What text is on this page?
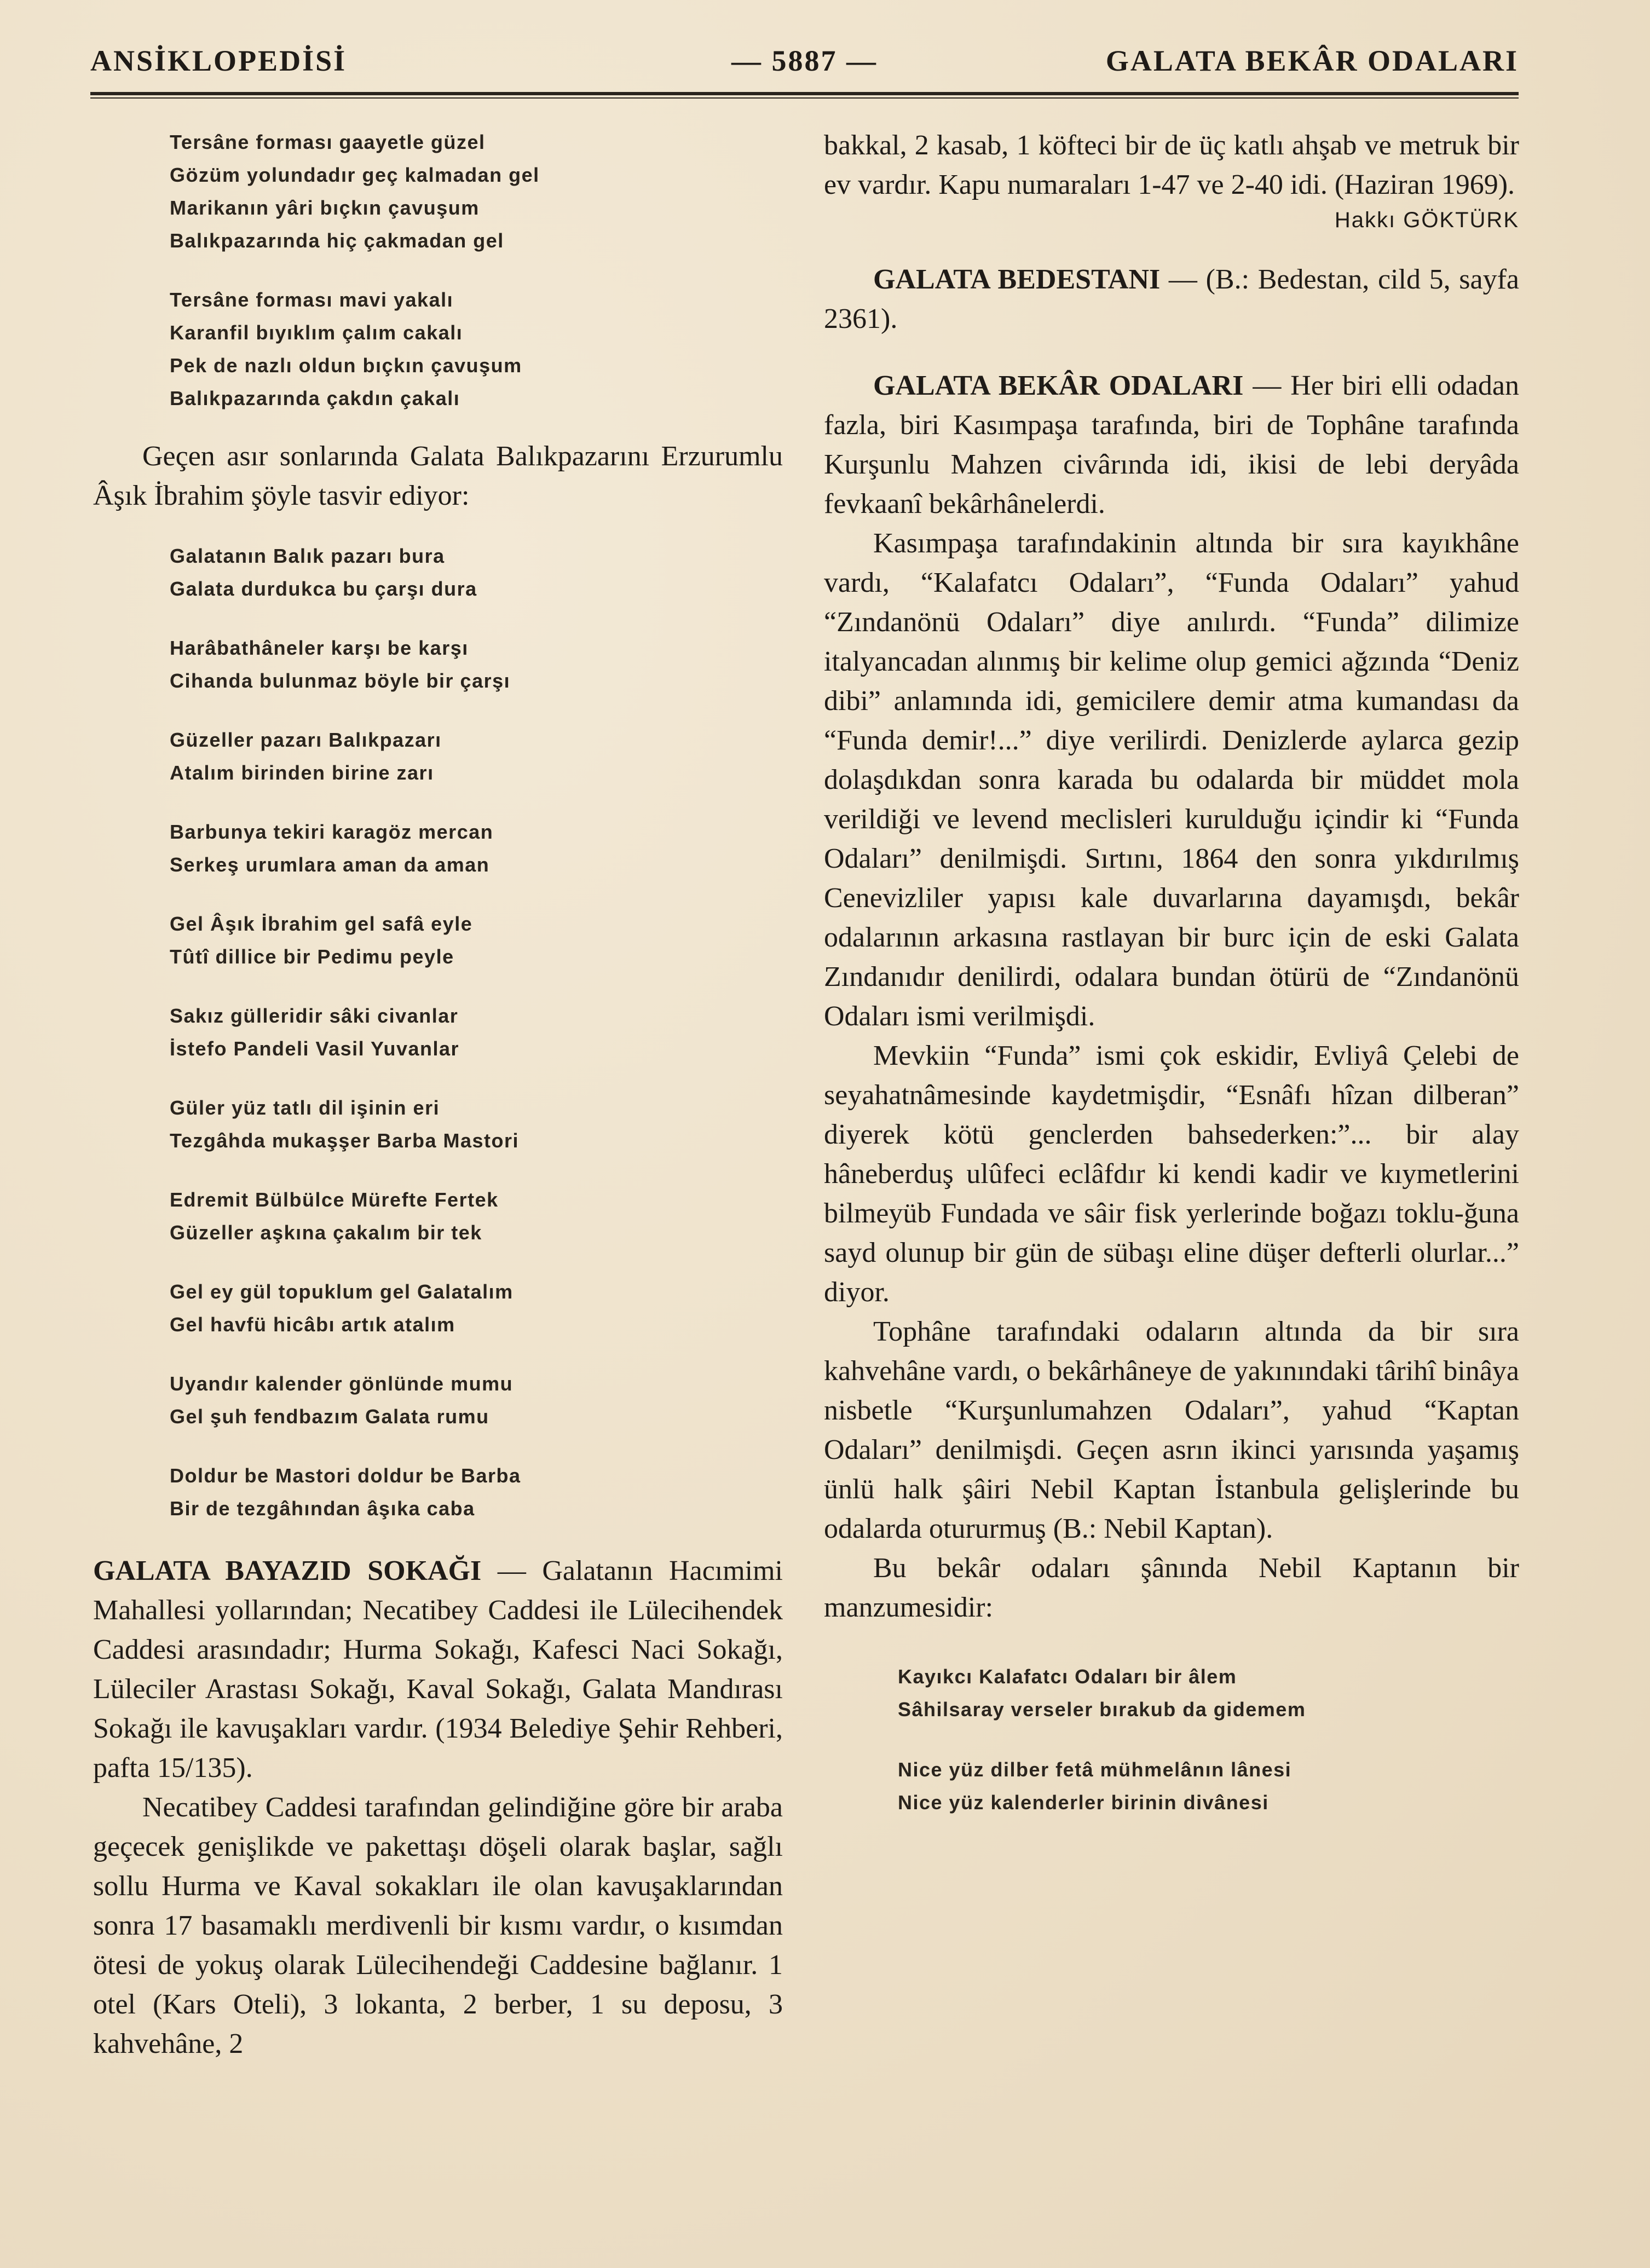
ANSİKLOPEDİSİ	— 5887 —	GALATA BEKÂR ODALARI
Tersâne forması gaayetle güzel
Gözüm yolundadır geç kalmadan gel
Marikanın yâri bıçkın çavuşum
Balıkpazarında hiç çakmadan gel
Tersâne forması mavi yakalı
Karanfil bıyıklım çalım cakalı
Pek de nazlı oldun bıçkın çavuşum
Balıkpazarında çakdın çakalı

Geçen asır sonlarında Galata Balıkpazarını Erzurumlu Âşık İbrahim şöyle tasvir ediyor:

Galatanın Balık pazarı bura
Galata durdukca bu çarşı dura
Harâbathâneler karşı be karşı
Cihanda bulunmaz böyle bir çarşı
Güzeller pazarı Balıkpazarı
Atalım birinden birine zarı
Barbunya tekiri karagöz mercan
Serkeş urumlara aman da aman
Gel Âşık İbrahim gel safâ eyle
Tûtî dillice bir Pedimu peyle
Sakız gülleridir sâki civanlar
İstefo Pandeli Vasil Yuvanlar
Güler yüz tatlı dil işinin eri
Tezgâhda mukaşşer Barba Mastori
Edremit Bülbülce Mürefte Fertek
Güzeller aşkına çakalım bir tek
Gel ey gül topuklum gel Galatalım
Gel havfü hicâbı artık atalım
Uyandır kalender gönlünde mumu
Gel şuh fendbazım Galata rumu
Doldur be Mastori doldur be Barba
Bir de tezgâhından âşıka caba

GALATA BAYAZID SOKAĞI — Galatanın Hacımimi Mahallesi yollarından; Necatibey Caddesi ile Lülecihendek Caddesi arasındadır; Hurma Sokağı, Kafesci Naci Sokağı, Lüleciler Arastası Sokağı, Kaval Sokağı, Galata Mandırası Sokağı ile kavuşakları vardır. (1934 Belediye Şehir Rehberi, pafta 15/135).

Necatibey Caddesi tarafından gelindiğine göre bir araba geçecek genişlikde ve pakettaşı döşeli olarak başlar, sağlı sollu Hurma ve Kaval sokakları ile olan kavuşaklarından sonra 17 basamaklı merdivenli bir kısmı vardır, o kısımdan ötesi de yokuş olarak Lülecihendeği Caddesine bağlanır. 1 otel (Kars Oteli), 3 lokanta, 2 berber, 1 su deposu, 3 kahvehâne, 2

bakkal, 2 kasab, 1 köfteci bir de üç katlı ahşab ve metruk bir ev vardır. Kapu numaraları 1-47 ve 2-40 idi. (Haziran 1969).

Hakkı GÖKTÜRK

GALATA BEDESTANI — (B.: Bedestan, cild 5, sayfa 2361).

GALATA BEKÂR ODALARI — Her biri elli odadan fazla, biri Kasımpaşa tarafında, biri de Tophâne tarafında Kurşunlu Mahzen civârında idi, ikisi de lebi deryâda fevkaanî bekârhânelerdi.

Kasımpaşa tarafındakinin altında bir sıra kayıkhâne vardı, “Kalafatcı Odaları”, “Funda Odaları” yahud “Zındanönü Odaları” diye anılırdı. “Funda” dilimize italyancadan alınmış bir kelime olup gemici ağzında “Deniz dibi” anlamında idi, gemicilere demir atma kumandası da “Funda demir!...” diye verilirdi. Denizlerde aylarca gezip dolaşdıkdan sonra karada bu odalarda bir müddet mola verildiği ve levend meclisleri kurulduğu içindir ki “Funda Odaları” denilmişdi. Sırtını, 1864 den sonra yıkdırılmış Cenevizliler yapısı kale duvarlarına dayamışdı, bekâr odalarının arkasına rastlayan bir burc için de eski Galata Zındanıdır denilirdi, odalara bundan ötürü de “Zındanönü Odaları ismi verilmişdi.

Mevkiin “Funda” ismi çok eskidir, Evliyâ Çelebi de seyahatnâmesinde kaydetmişdir, “Esnâfı hîzan dilberan” diyerek kötü genclerden bahsederken:”... bir alay hâneberduş ulûfeci eclâfdır ki kendi kadir ve kıymetlerini bilmeyüb Fundada ve sâir fisk yerlerinde boğazı toklu-ğuna sayd olunup bir gün de sübaşı eline düşer defterli olurlar...” diyor.

Tophâne tarafındaki odaların altında da bir sıra kahvehâne vardı, o bekârhâneye de yakınındaki târihî binâya nisbetle “Kurşunlumahzen Odaları”, yahud “Kaptan Odaları” denilmişdi. Geçen asrın ikinci yarısında yaşamış ünlü halk şâiri Nebil Kaptan İstanbula gelişlerinde bu odalarda otururmuş (B.: Nebil Kaptan).

Bu bekâr odaları şânında Nebil Kaptanın bir manzumesidir:

Kayıkcı Kalafatcı Odaları bir âlem
Sâhilsaray verseler bırakub da gidemem
Nice yüz dilber fetâ mühmelânın lânesi
Nice yüz kalenderler birinin divânesi
